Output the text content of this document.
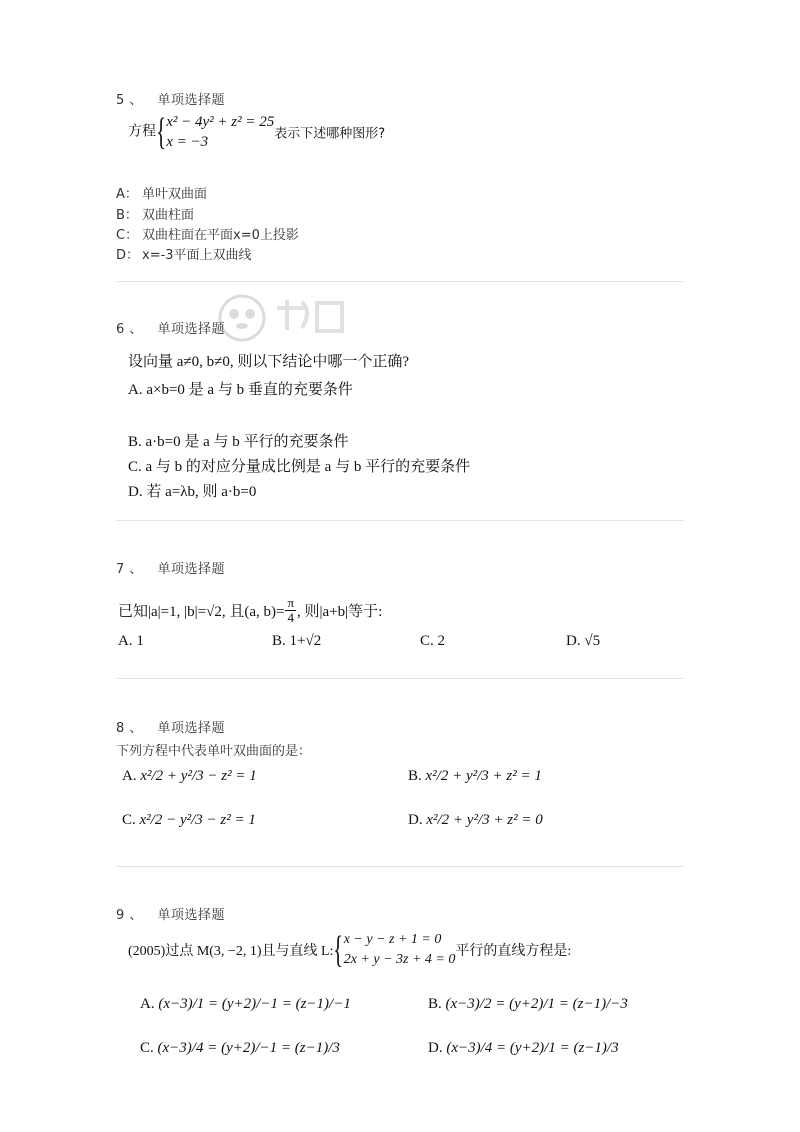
5 、 单项选择题
方程{ x² − 4y² + z² = 25
x = −3	表示下述哪种图形?
A： 单叶双曲面
B： 双曲柱面
C： 双曲柱面在平面x=0上投影
D： x=-3平面上双曲线
6 、 单项选择题
设向量 a≠0, b≠0, 则以下结论中哪一个正确?
A. a×b=0 是 a 与 b 垂直的充要条件
B. a·b=0 是 a 与 b 平行的充要条件
C. a 与 b 的对应分量成比例是 a 与 b 平行的充要条件
D. 若 a=λb, 则 a·b=0
7 、 单项选择题
已知|a|=1, |b|=√2, 且(a, $b)= \frac{\pi}{4}$ , 则|a+b|等于:
A. 1	B. 1+√2	C. 2	D. √5
8 、 单项选择题
下列方程中代表单叶双曲面的是：
A. x²/2 + y²/3 − z² = 1	B. x²/2 + y²/3 + z² = 1
C. x²/2 − y²/3 − z² = 1	D. x²/2 + y²/3 + z² = 0
9 、 单项选择题
(2005)过点 M(3, −2, 1)且与直线 L:{ x − y − z + 1 = 0
2x + y − 3z + 4 = 0
平行的直线方程是:
A. (x−3)/1 = (y+2)/−1 = (z−1)/−1	B. (x−3)/2 = (y+2)/1 = (z−1)/−3
C. (x−3)/4 = (y+2)/−1 = (z−1)/3	D. (x−3)/4 = (y+2)/1 = (z−1)/3
